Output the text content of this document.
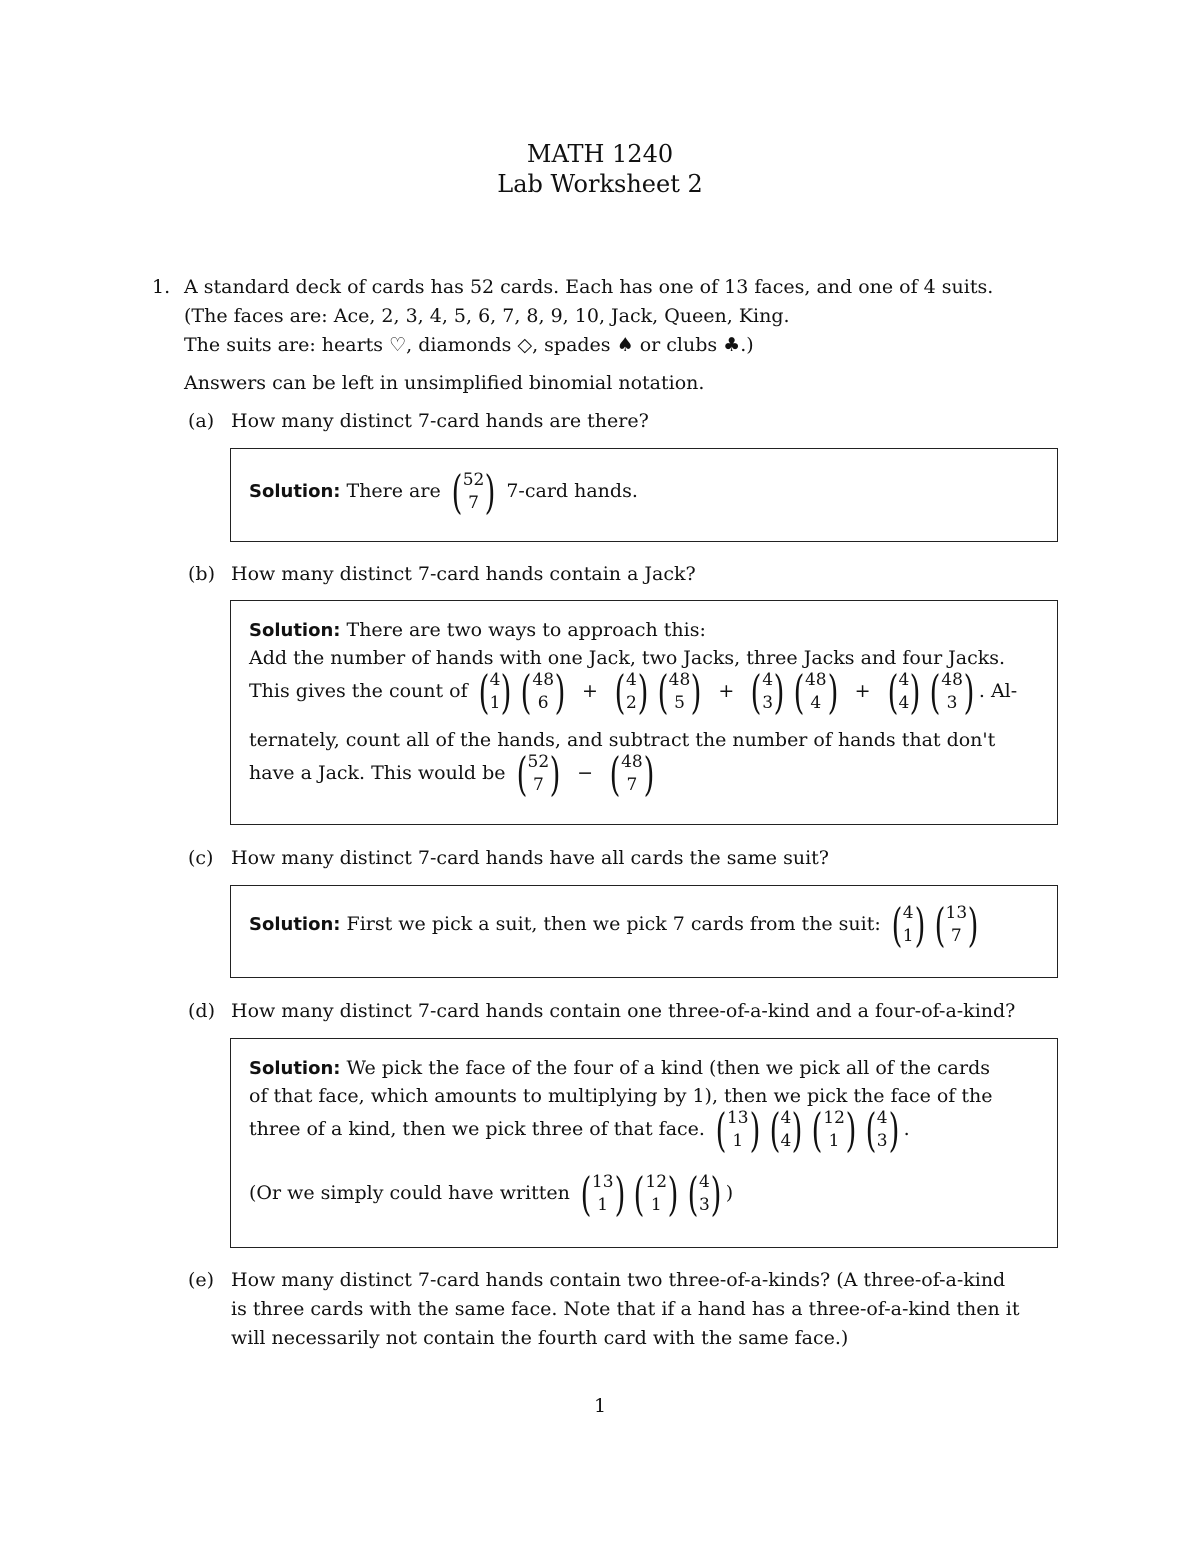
MATH 1240
Lab Worksheet 2
1. A standard deck of cards has 52 cards. Each has one of 13 faces, and one of 4 suits.
(The faces are: Ace, 2, 3, 4, 5, 6, 7, 8, 9, 10, Jack, Queen, King.
The suits are: hearts ♡, diamonds ◇, spades ♠ or clubs ♣.)
Answers can be left in unsimplified binomial notation.
(a) How many distinct 7-card hands are there?
Solution: There are ( 52
7 ) 7-card hands.
(b) How many distinct 7-card hands contain a Jack?
Solution: There are two ways to approach this:
Add the number of hands with one Jack, two Jacks, three Jacks and four Jacks.
This gives the count of ( 4
1 ) ( 48
6 ) + ( 4
2 ) ( 48
5 ) + ( 4
3 ) ( 48
4 ) + ( 4
4 ) ( 48
3 ) . Al-
ternately, count all of the hands, and subtract the number of hands that don't
have a Jack. This would be ( 52
7 ) − ( 48
7 )
(c) How many distinct 7-card hands have all cards the same suit?
Solution: First we pick a suit, then we pick 7 cards from the suit: ( 4
1 ) ( 13
7 )
(d) How many distinct 7-card hands contain one three-of-a-kind and a four-of-a-kind?
Solution: We pick the face of the four of a kind (then we pick all of the cards
of that face, which amounts to multiplying by 1), then we pick the face of the
three of a kind, then we pick three of that face. ( 13
1 ) ( 4
4 ) ( 12
1 ) ( 4
3 ) .
(Or we simply could have written ( 13
1 ) ( 12
1 ) ( 4
3 ) )
(e) How many distinct 7-card hands contain two three-of-a-kinds? (A three-of-a-kind
is three cards with the same face. Note that if a hand has a three-of-a-kind then it
will necessarily not contain the fourth card with the same face.)
1
